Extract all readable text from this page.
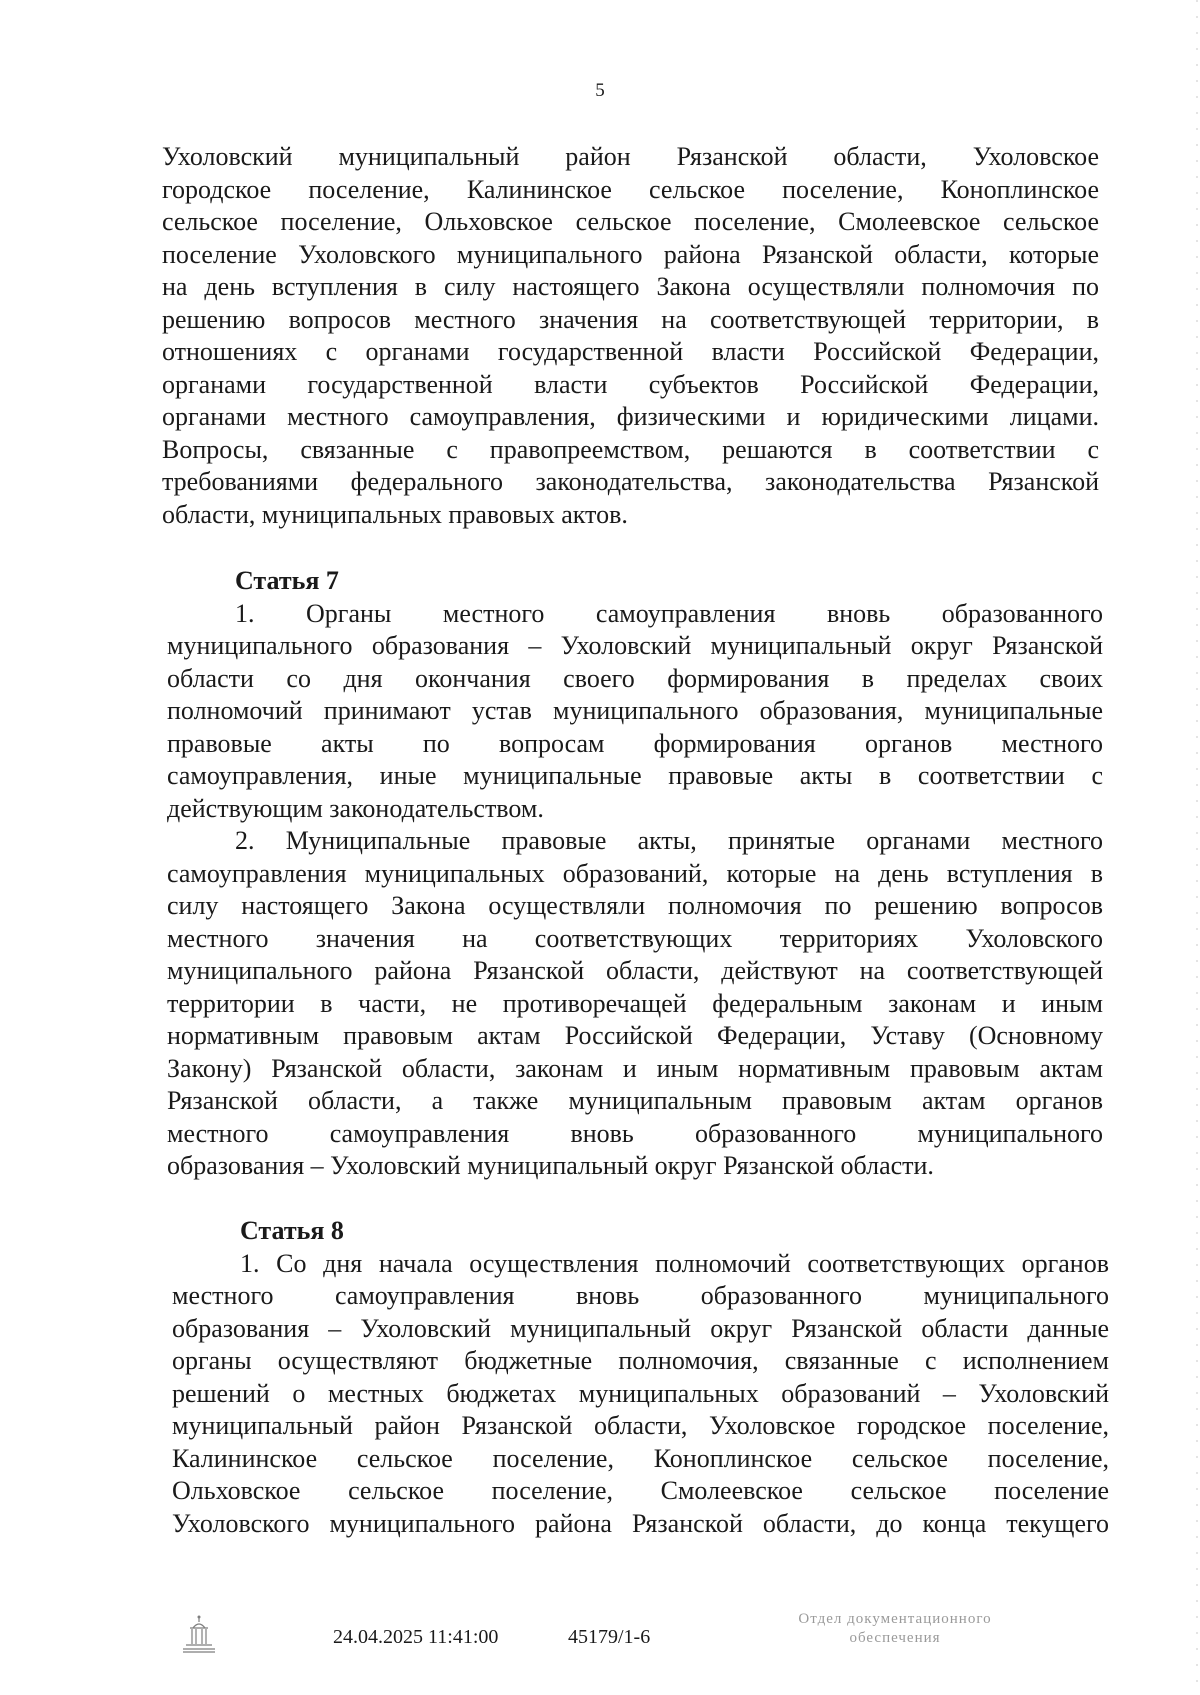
5
Ухоловский муниципальный район Рязанской области, Ухоловское
городское поселение, Калининское сельское поселение, Коноплинское
сельское поселение, Ольховское сельское поселение, Смолеевское сельское
поселение Ухоловского муниципального района Рязанской области, которые
на день вступления в силу настоящего Закона осуществляли полномочия по
решению вопросов местного значения на соответствующей территории, в
отношениях с органами государственной власти Российской Федерации,
органами государственной власти субъектов Российской Федерации,
органами местного самоуправления, физическими и юридическими лицами.
Вопросы, связанные с правопреемством, решаются в соответствии с
требованиями федерального законодательства, законодательства Рязанской
области, муниципальных правовых актов.
Статья 7
1. Органы местного самоуправления вновь образованного
муниципального образования – Ухоловский муниципальный округ Рязанской
области со дня окончания своего формирования в пределах своих
полномочий принимают устав муниципального образования, муниципальные
правовые акты по вопросам формирования органов местного
самоуправления, иные муниципальные правовые акты в соответствии с
действующим законодательством.
2. Муниципальные правовые акты, принятые органами местного
самоуправления муниципальных образований, которые на день вступления в
силу настоящего Закона осуществляли полномочия по решению вопросов
местного значения на соответствующих территориях Ухоловского
муниципального района Рязанской области, действуют на соответствующей
территории в части, не противоречащей федеральным законам и иным
нормативным правовым актам Российской Федерации, Уставу (Основному
Закону) Рязанской области, законам и иным нормативным правовым актам
Рязанской области, а также муниципальным правовым актам органов
местного самоуправления вновь образованного муниципального
образования – Ухоловский муниципальный округ Рязанской области.
Статья 8
1. Со дня начала осуществления полномочий соответствующих органов
местного самоуправления вновь образованного муниципального
образования – Ухоловский муниципальный округ Рязанской области данные
органы осуществляют бюджетные полномочия, связанные с исполнением
решений о местных бюджетах муниципальных образований – Ухоловский
муниципальный район Рязанской области, Ухоловское городское поселение,
Калининское сельское поселение, Коноплинское сельское поселение,
Ольховское сельское поселение, Смолеевское сельское поселение
Ухоловского муниципального района Рязанской области, до конца текущего
24.04.2025 11:41:00	45179/1-6
Отдел документационного
обеспечения
